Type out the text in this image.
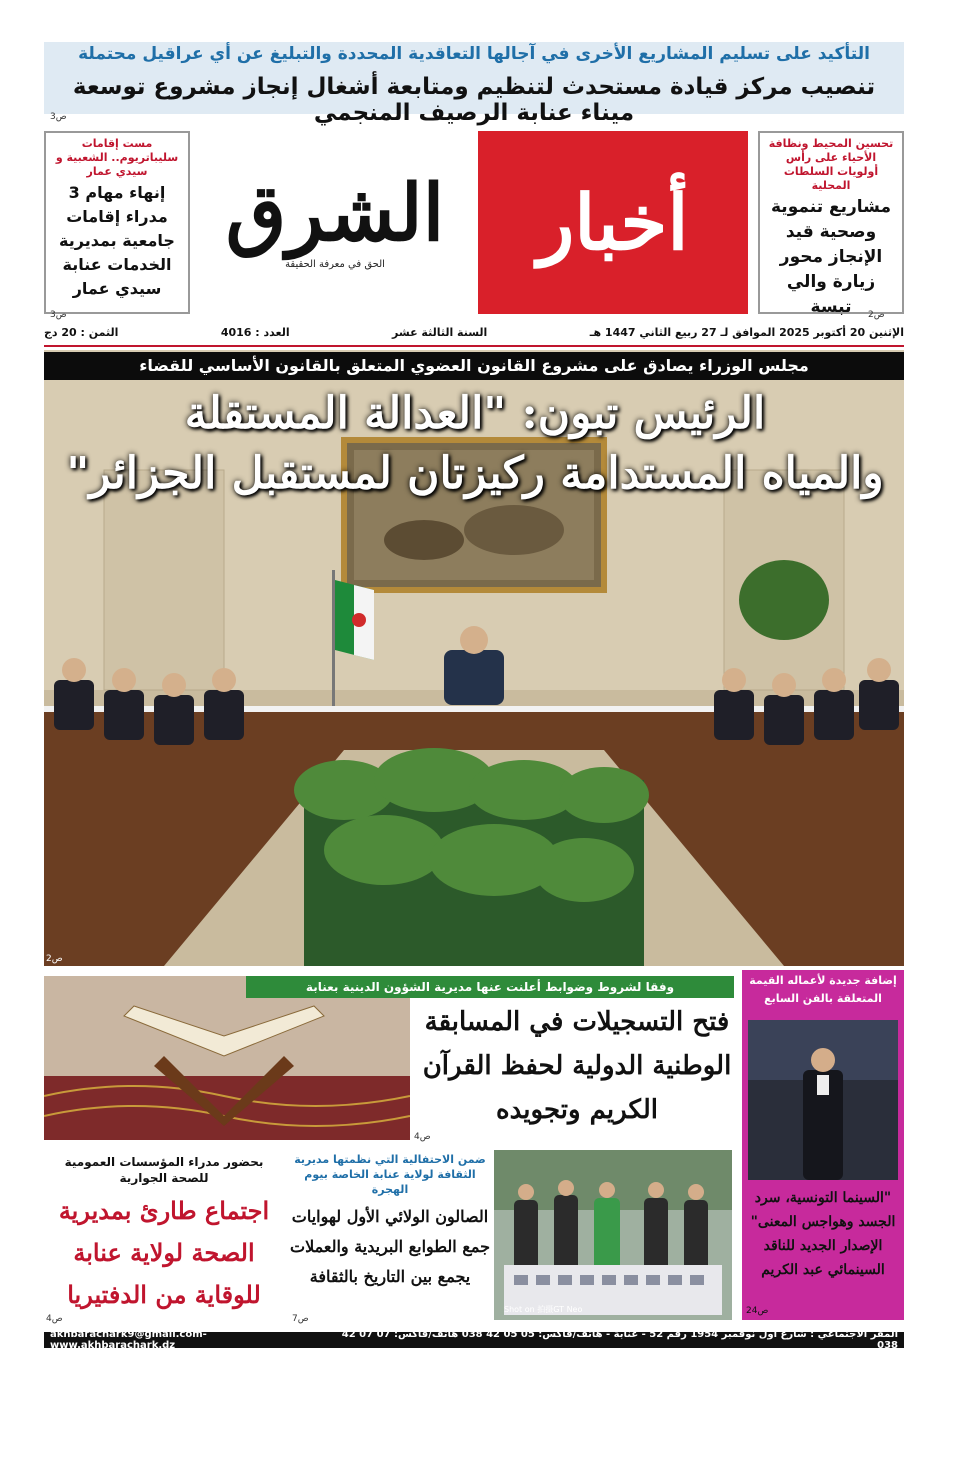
التأكيد على تسليم المشاريع الأخرى في آجالها التعاقدية المحددة والتبليغ عن أي عراقيل محتملة
تنصيب مركز قيادة مستحدث لتنظيم ومتابعة أشغال إنجاز مشروع توسعة ميناء عنابة الرصيف المنجمي
ص3
تحسين المحيط ونظافة الأحياء على رأس أولويات السلطات المحلية
مشاريع تنموية وصحية قيد الإنجاز محور زيارة والي تبسة	ص2
مست إقامات سليباتريوم.. الشعبية و سيدي عمار
إنهاء مهام 3 مدراء إقامات جامعية بمديرية الخدمات عنابة سيدي عمار
ص3
أخبار
الشرق
الحق في معرفة الحقيقة
الإثنين 20 أكتوبر 2025 الموافق لـ 27 ربيع الثاني 1447 هـ
السنة الثالثة عشر
العدد : 4016
الثمن : 20 دج
مجلس الوزراء يصادق على مشروع القانون العضوي المتعلق بالقانون الأساسي للقضاء
الرئيس تبون: "العدالة المستقلة
والمياه المستدامة ركيزتان لمستقبل الجزائر"
ص2
وفقا لشروط وضوابط أعلنت عنها مديرية الشؤون الدينية بعنابة
فتح التسجيلات في المسابقة الوطنية الدولية لحفظ القرآن الكريم وتجويده
ص4
إضافة جديدة لأعماله القيمة المتعلقة بالفن السابع
"السينما التونسية، سرد الجسد وهواجس المعنى" الإصدار الجديد للناقد السينمائي عبد الكريم
ص24
بحضور مدراء المؤسسات العمومية للصحة الجوارية
اجتماع طارئ بمديرية الصحة لولاية عنابة للوقاية من الدفتيريا
ص4
ضمن الاحتفالية التي نظمتها مديرية الثقافة لولاية عنابة الخاصة بيوم الهجرة
الصالون الولائي الأول لهوايات جمع الطوابع البريدية والعملات يجمع بين التاريخ بالثقافة
ص7
Shot on 拍摄GT Neo
المقر الاجتماعي : شارع أول نوفمبر 1954 رقم 52 - عنابة - هاتف/فاكس: 05 05 42 038 هاتف/فاكس: 07 07 42 038
akhbarachark9@gmail.com- www.akhbarachark.dz
